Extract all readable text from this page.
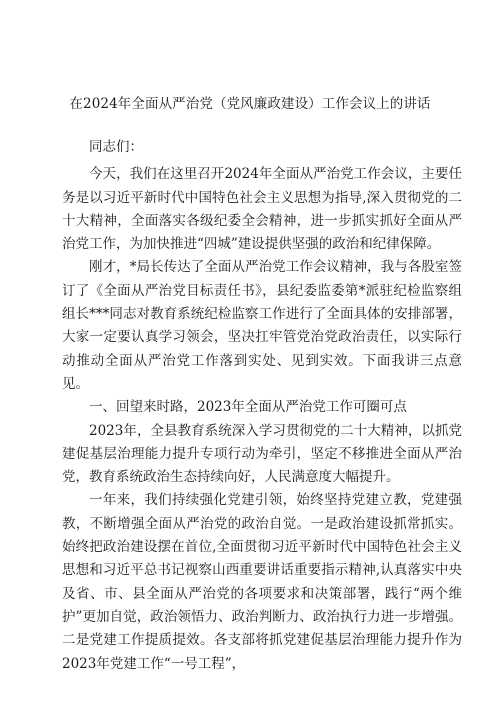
在2024年全面从严治党（党风廉政建设）工作会议上的讲话

同志们：

今天，我们在这里召开2024年全面从严治党工作会议，主要任务是以习近平新时代中国特色社会主义思想为指导,深入贯彻党的二十大精神，全面落实各级纪委全会精神，进一步抓实抓好全面从严治党工作，为加快推进“四城”建设提供坚强的政治和纪律保障。

刚才，*局长传达了全面从严治党工作会议精神，我与各股室签订了《全面从严治党目标责任书》，县纪委监委第*派驻纪检监察组组长***同志对教育系统纪检监察工作进行了全面具体的安排部署，大家一定要认真学习领会，坚决扛牢管党治党政治责任，以实际行动推动全面从严治党工作落到实处、见到实效。下面我讲三点意见。

一、回望来时路，2023年全面从严治党工作可圈可点

2023年，全县教育系统深入学习贯彻党的二十大精神，以抓党建促基层治理能力提升专项行动为牵引，坚定不移推进全面从严治党，教育系统政治生态持续向好，人民满意度大幅提升。

一年来，我们持续强化党建引领，始终坚持党建立教，党建强教，不断增强全面从严治党的政治自觉。一是政治建设抓常抓实。始终把政治建设摆在首位,全面贯彻习近平新时代中国特色社会主义思想和习近平总书记视察山西重要讲话重要指示精神,认真落实中央及省、市、县全面从严治党的各项要求和决策部署，践行“两个维护”更加自觉，政治领悟力、政治判断力、政治执行力进一步增强。二是党建工作提质提效。各支部将抓党建促基层治理能力提升作为2023年党建工作“一号工程”，
